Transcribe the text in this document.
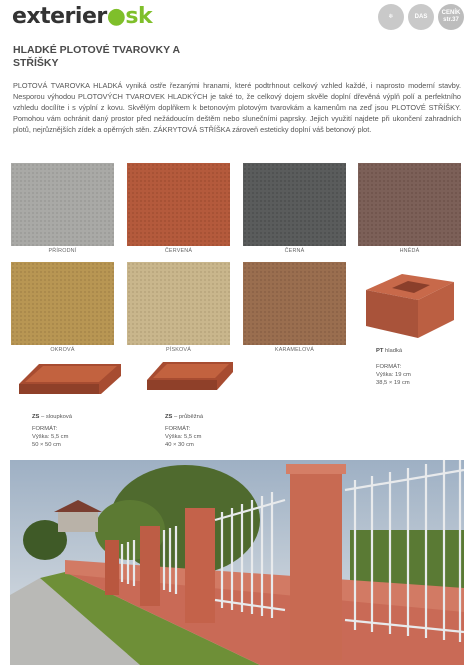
exterier●sk	❄	DAS
CENÍK str.37
HLADKÉ PLOTOVÉ TVAROVKY A STŘÍŠKY
PLOTOVÁ TVAROVKA HLADKÁ vyniká ostře řezanými hranami, které podtrhnout celkový vzhled každé, i naprosto moderní stavby. Nesporou výhodou PLOTOVÝCH TVAROVEK HLADKÝCH je také to, že celkový dojem skvěle doplní dřevěná výplň polí a perfektního vzhledu docílíte i s výplní z kovu. Skvělým doplňkem k betonovým plotovým tvarovkám a kamenům na zeď jsou PLOTOVÉ STŘÍŠKY. Pomohou vám ochránit daný prostor před nežádoucím deštěm nebo slunečními paprsky. Jejich využití najdete při ukončení zahradních plotů, nejrůznějších zídek a opěrných stěn. ZÁKRYTOVÁ STŘÍŠKA zároveň esteticky doplní váš betonový plot.
PŘÍRODNÍ	ČERVENÁ	ČERNÁ	HNĚDÁ
OKROVÁ	PÍSKOVÁ	KARAMELOVÁ	PT hladká
FORMÁT:
Výška: 19 cm
38,5 × 19 cm
ZS – sloupková
FORMÁT:
Výška: 5,5 cm
50 × 50 cm
ZS – průběžná
FORMÁT:
Výška: 5,5 cm
40 × 30 cm
